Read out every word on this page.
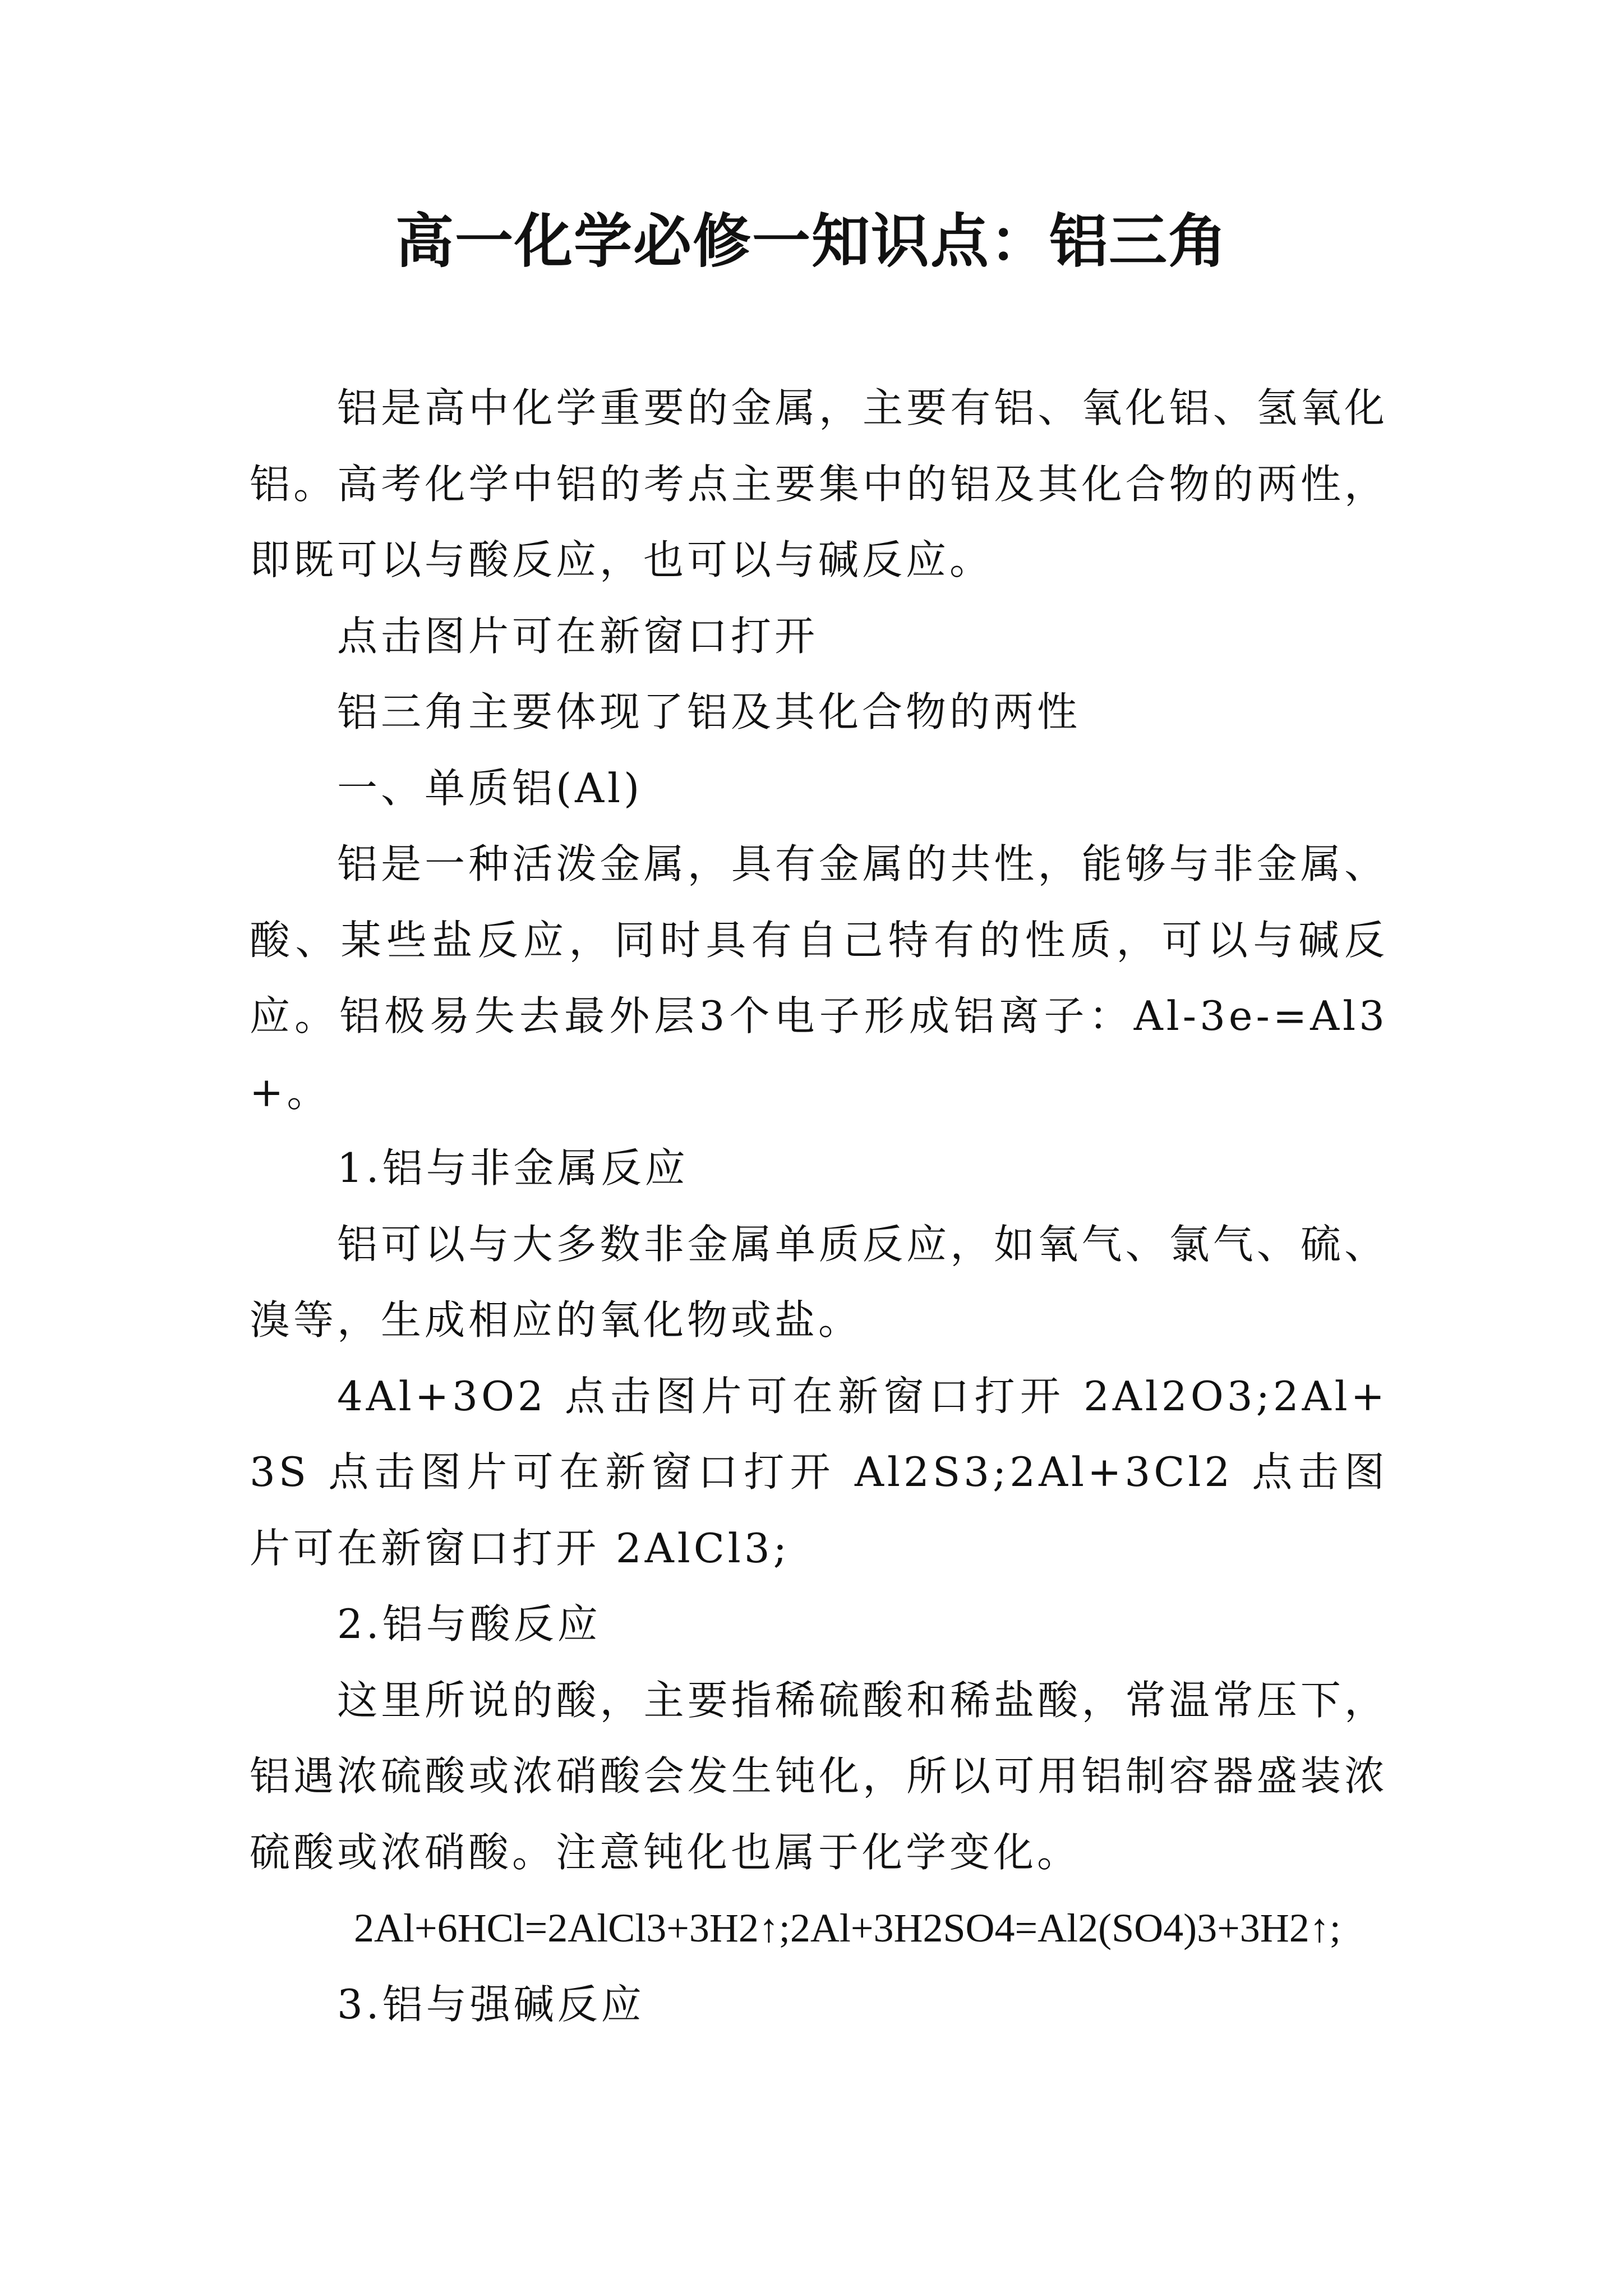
高一化学必修一知识点：铝三角

铝是高中化学重要的金属，主要有铝、氧化铝、氢氧化铝。高考化学中铝的考点主要集中的铝及其化合物的两性，即既可以与酸反应，也可以与碱反应。

点击图片可在新窗口打开

铝三角主要体现了铝及其化合物的两性

一、单质铝(Al)

铝是一种活泼金属，具有金属的共性，能够与非金属、酸、某些盐反应，同时具有自己特有的性质，可以与碱反应。铝极易失去最外层3个电子形成铝离子：Al-3e-=Al3+。

1.铝与非金属反应

铝可以与大多数非金属单质反应，如氧气、氯气、硫、溴等，生成相应的氧化物或盐。

4Al+3O2 点击图片可在新窗口打开 2Al2O3;2Al+3S 点击图片可在新窗口打开 Al2S3;2Al+3Cl2 点击图片可在新窗口打开 2AlCl3;

2.铝与酸反应

这里所说的酸，主要指稀硫酸和稀盐酸，常温常压下，铝遇浓硫酸或浓硝酸会发生钝化，所以可用铝制容器盛装浓硫酸或浓硝酸。注意钝化也属于化学变化。

2Al+6HCl=2AlCl3+3H2↑;2Al+3H2SO4=Al2(SO4)3+3H2↑;

3.铝与强碱反应
